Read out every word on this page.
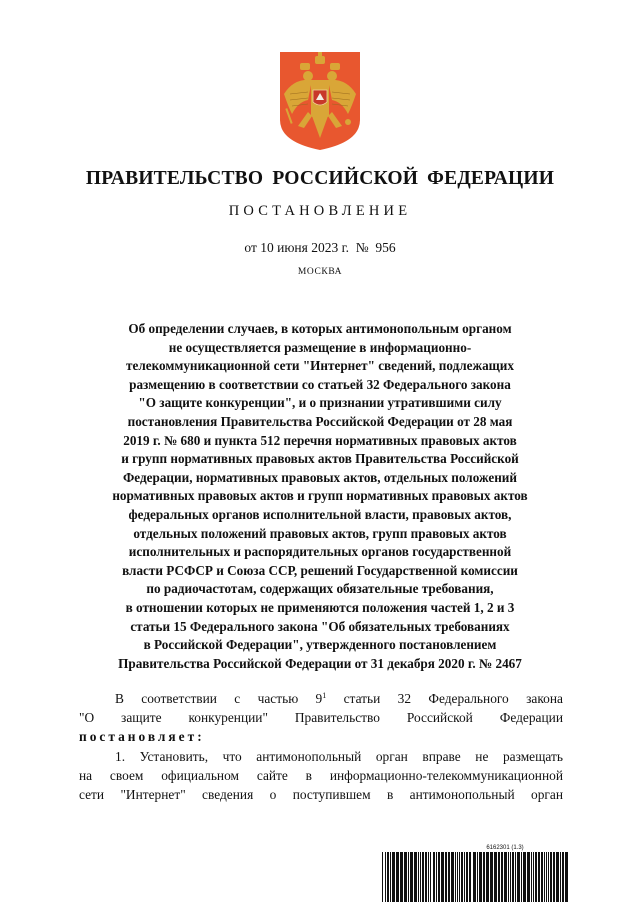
ПРАВИТЕЛЬСТВО РОССИЙСКОЙ ФЕДЕРАЦИИ
ПОСТАНОВЛЕНИЕ
от 10 июня 2023 г.  №  956
МОСКВА
Об определении случаев, в которых антимонопольным органом
не осуществляется размещение в информационно-
телекоммуникационной сети "Интернет" сведений, подлежащих
размещению в соответствии со статьей 32 Федерального закона
"О защите конкуренции", и о признании утратившими силу
постановления Правительства Российской Федерации от 28 мая
2019 г. № 680 и пункта 512 перечня нормативных правовых актов
и групп нормативных правовых актов Правительства Российской
Федерации, нормативных правовых актов, отдельных положений
нормативных правовых актов и групп нормативных правовых актов
федеральных органов исполнительной власти, правовых актов,
отдельных положений правовых актов, групп правовых актов
исполнительных и распорядительных органов государственной
власти РСФСР и Союза ССР, решений Государственной комиссии
по радиочастотам, содержащих обязательные требования,
в отношении которых не применяются положения частей 1, 2 и 3
статьи 15 Федерального закона "Об обязательных требованиях
в Российской Федерации", утвержденного постановлением
Правительства Российской Федерации от 31 декабря 2020 г. № 2467
В соответствии с частью $9^1$ статьи 32 Федерального закона
"О защите конкуренции" Правительство Российской Федерации
постановляет:
1. Установить, что антимонопольный орган вправе не размещать
на своем официальном сайте в информационно-телекоммуникационной
сети "Интернет" сведения о поступившем в антимонопольный орган
6162301 (1.3)
